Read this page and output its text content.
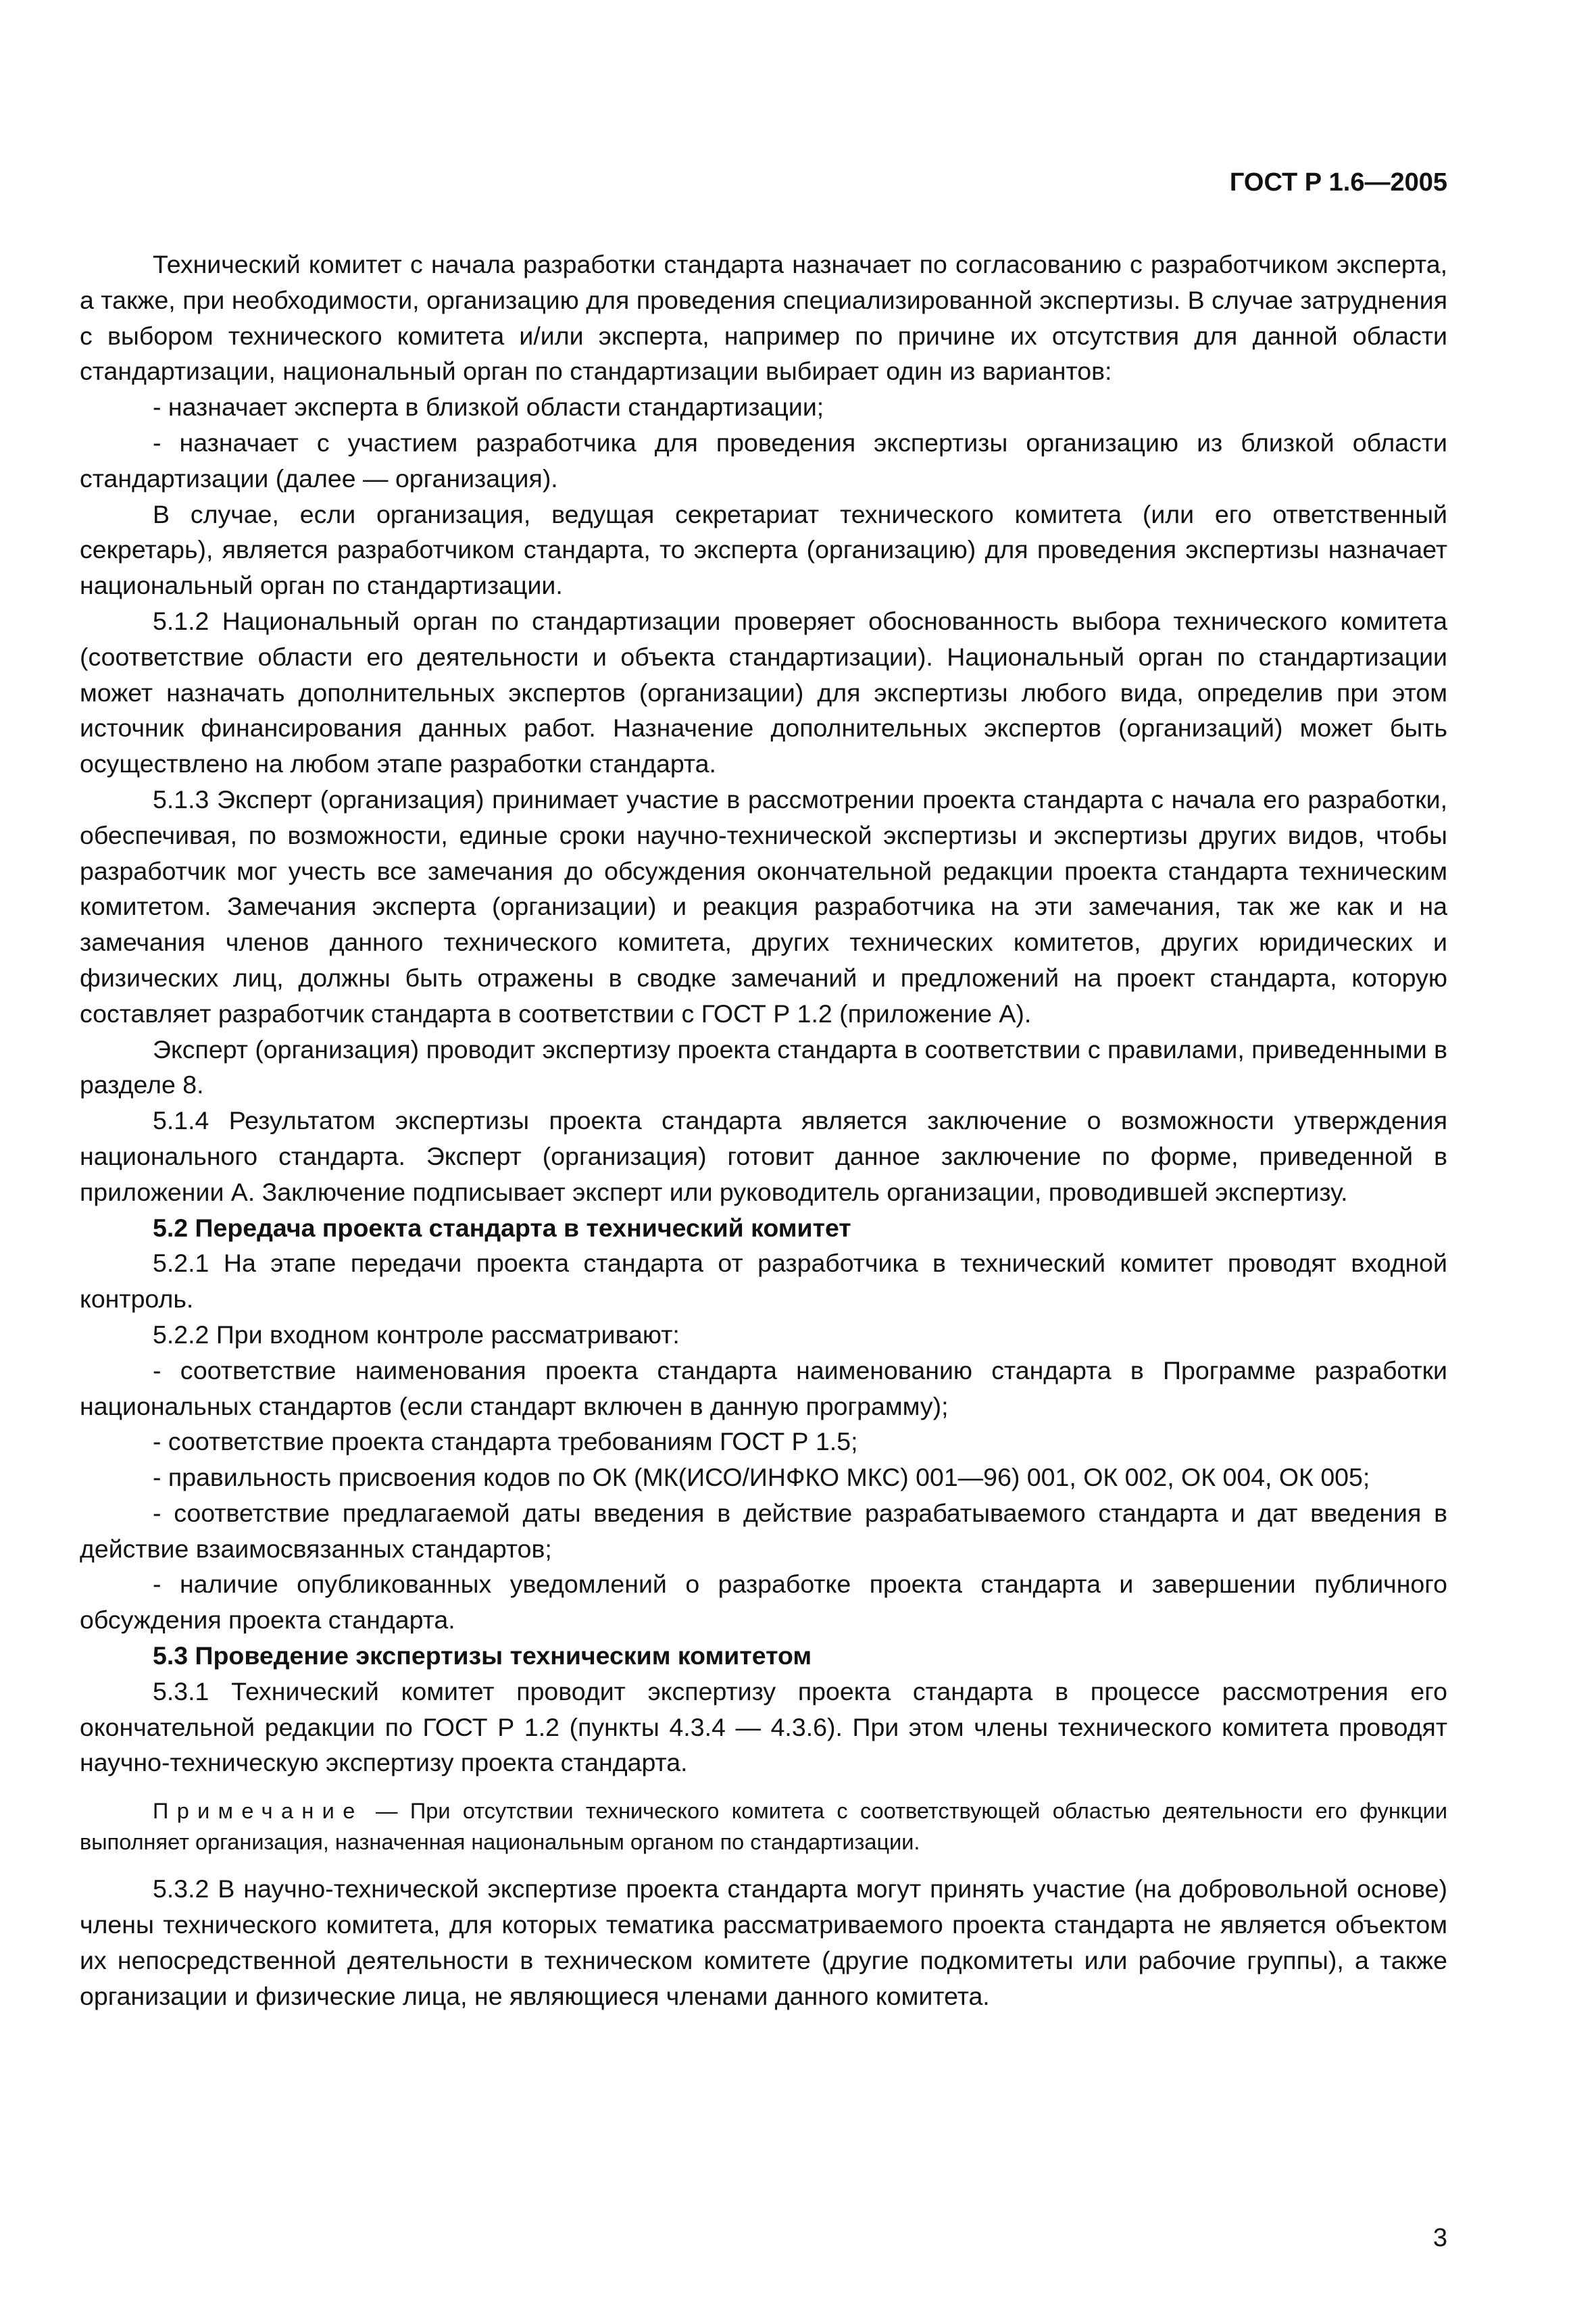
ГОСТ Р 1.6—2005

Технический комитет с начала разработки стандарта назначает по согласованию с разработчиком эксперта, а также, при необходимости, организацию для проведения специализированной экспертизы. В случае затруднения с выбором технического комитета и/или эксперта, например по причине их отсутствия для данной области стандартизации, национальный орган по стандартизации выбирает один из вариантов:

- назначает эксперта в близкой области стандартизации;

- назначает с участием разработчика для проведения экспертизы организацию из близкой области стандартизации (далее — организация).

В случае, если организация, ведущая секретариат технического комитета (или его ответственный секретарь), является разработчиком стандарта, то эксперта (организацию) для проведения экспертизы назначает национальный орган по стандартизации.

5.1.2 Национальный орган по стандартизации проверяет обоснованность выбора технического комитета (соответствие области его деятельности и объекта стандартизации). Национальный орган по стандартизации может назначать дополнительных экспертов (организации) для экспертизы любого вида, определив при этом источник финансирования данных работ. Назначение дополнительных экспертов (организаций) может быть осуществлено на любом этапе разработки стандарта.

5.1.3 Эксперт (организация) принимает участие в рассмотрении проекта стандарта с начала его разработки, обеспечивая, по возможности, единые сроки научно-технической экспертизы и экспертизы других видов, чтобы разработчик мог учесть все замечания до обсуждения окончательной редакции проекта стандарта техническим комитетом. Замечания эксперта (организации) и реакция разработчика на эти замечания, так же как и на замечания членов данного технического комитета, других технических комитетов, других юридических и физических лиц, должны быть отражены в сводке замечаний и предложений на проект стандарта, которую составляет разработчик стандарта в соответствии с ГОСТ Р 1.2 (приложение А).

Эксперт (организация) проводит экспертизу проекта стандарта в соответствии с правилами, приведенными в разделе 8.

5.1.4 Результатом экспертизы проекта стандарта является заключение о возможности утверждения национального стандарта. Эксперт (организация) готовит данное заключение по форме, приведенной в приложении А. Заключение подписывает эксперт или руководитель организации, проводившей экспертизу.

5.2 Передача проекта стандарта в технический комитет

5.2.1 На этапе передачи проекта стандарта от разработчика в технический комитет проводят входной контроль.

5.2.2 При входном контроле рассматривают:

- соответствие наименования проекта стандарта наименованию стандарта в Программе разработки национальных стандартов (если стандарт включен в данную программу);

- соответствие проекта стандарта требованиям ГОСТ Р 1.5;

- правильность присвоения кодов по ОК (МК(ИСО/ИНФКО МКС) 001—96) 001, ОК 002, ОК 004, ОК 005;

- соответствие предлагаемой даты введения в действие разрабатываемого стандарта и дат введения в действие взаимосвязанных стандартов;

- наличие опубликованных уведомлений о разработке проекта стандарта и завершении публичного обсуждения проекта стандарта.

5.3 Проведение экспертизы техническим комитетом

5.3.1 Технический комитет проводит экспертизу проекта стандарта в процессе рассмотрения его окончательной редакции по ГОСТ Р 1.2 (пункты 4.3.4 — 4.3.6). При этом члены технического комитета проводят научно-техническую экспертизу проекта стандарта.

Примечание — При отсутствии технического комитета с соответствующей областью деятельности его функции выполняет организация, назначенная национальным органом по стандартизации.

5.3.2 В научно-технической экспертизе проекта стандарта могут принять участие (на добровольной основе) члены технического комитета, для которых тематика рассматриваемого проекта стандарта не является объектом их непосредственной деятельности в техническом комитете (другие подкомитеты или рабочие группы), а также организации и физические лица, не являющиеся членами данного комитета.

3
